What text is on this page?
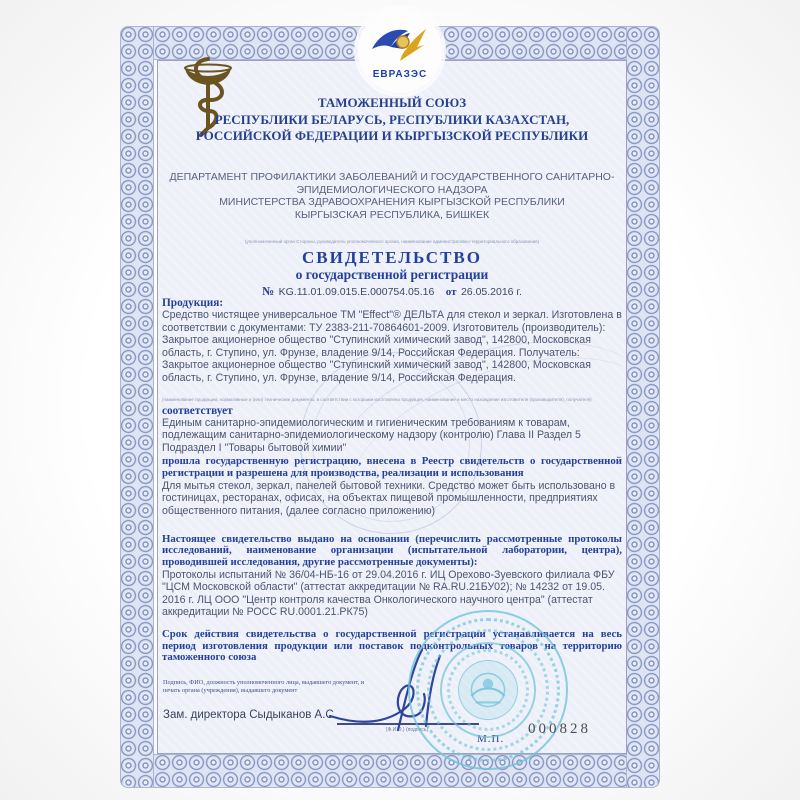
ЕВРАЗЭС
ТАМОЖЕННЫЙ СОЮЗ
РЕСПУБЛИКИ БЕЛАРУСЬ, РЕСПУБЛИКИ КАЗАХСТАН,
РОССИЙСКОЙ ФЕДЕРАЦИИ И КЫРГЫЗСКОЙ РЕСПУБЛИКИ
ДЕПАРТАМЕНТ ПРОФИЛАКТИКИ ЗАБОЛЕВАНИЙ И ГОСУДАРСТВЕННОГО САНИТАРНО-
ЭПИДЕМИОЛОГИЧЕСКОГО НАДЗОРА
МИНИСТЕРСТВА ЗДРАВООХРАНЕНИЯ КЫРГЫЗСКОЙ РЕСПУБЛИКИ
КЫРГЫЗСКАЯ РЕСПУБЛИКА, БИШКЕК
(уполномоченный орган Стороны, руководитель уполномоченного органа, наименование административно-территориального образования)
СВИДЕТЕЛЬСТВО
о государственной регистрации
№ KG.11.01.09.015.E.000754.05.16 от 26.05.2016 г.

Продукция:

Средство чистящее универсальное ТМ "Effect"® ДЕЛЬТА для стекол и зеркал. Изготовлена в соответствии с документами: ТУ 2383-211-70864601-2009. Изготовитель (производитель): Закрытое акционерное общество "Ступинский химический завод", 142800, Московская область, г. Ступино, ул. Фрунзе, владение 9/14, Российская Федерация. Получатель: Закрытое акционерное общество "Ступинский химический завод", 142800, Московская область, г. Ступино, ул. Фрунзе, владение 9/14, Российская Федерация.

(наименование продукции, нормативные и (или) технические документы, в соответствии с которыми изготовлена продукция, наименование и место нахождения изготовителя (производителя), получателя)

соответствует

Единым санитарно-эпидемиологическим и гигиеническим требованиям к товарам, подлежащим санитарно-эпидемиологическому надзору (контролю) Глава II Раздел 5 Подраздел I "Товары бытовой химии"

прошла государственную регистрацию, внесена в Реестр свидетельств о государственной регистрации и разрешена для производства, реализации и использования

Для мытья стекол, зеркал, панелей бытовой техники. Средство может быть использовано в гостиницах, ресторанах, офисах, на объектах пищевой промышленности, предприятиях общественного питания, (далее согласно приложению)

Настоящее свидетельство выдано на основании (перечислить рассмотренные протоколы исследований, наименование организации (испытательной лаборатории, центра), проводившей исследования, другие рассмотренные документы):

Протоколы испытаний № 36/04-НБ-16 от 29.04.2016 г. ИЦ Орехово-Зуевского филиала ФБУ "ЦСМ Московской области" (аттестат аккредитации № RA.RU.21БУ02); № 14232 от 19.05. 2016 г. ЛЦ ООО "Центр контроля качества Онкологического научного центра" (аттестат аккредитации № РОСС RU.0001.21.РК75)

Срок действия свидетельства о государственной регистрации устанавливается на весь период изготовления продукции или поставок подконтрольных товаров на территорию таможенного союза

Подпись, ФИО, должность уполномоченного лица, выдавшего документ, и печать органа (учреждения), выдавшего документ
Зам. директора Сыдыканов А.С.
(Ф.И.О.) (подпись)
М.П.
000828
